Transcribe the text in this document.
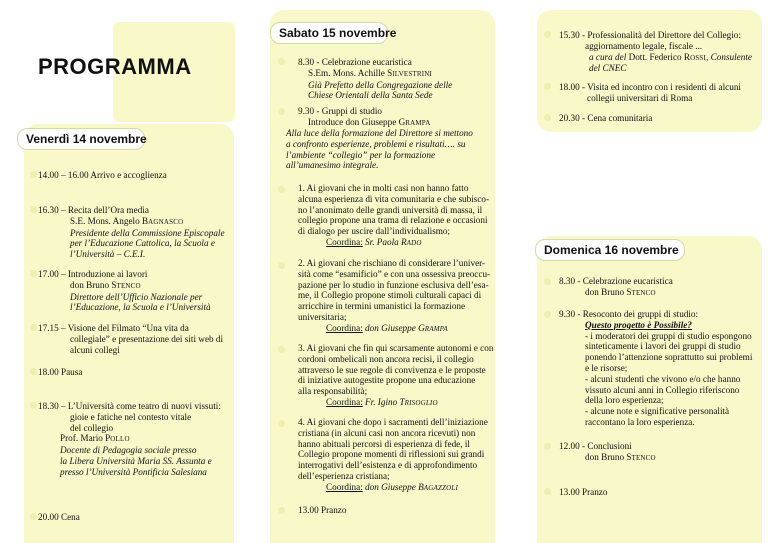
PROGRAMMA
Venerdì 14 novembre
14.00 – 16.00 Arrivo e accoglienza
16.30 – Recita dell’Ora media
S.E. Mons. Angelo BAGNASCO
Presidente della Commissione Episcopale
per l’Educazione Cattolica, la Scuola e
l’Università – C.E.I.
17.00 – Introduzione ai lavori
don Bruno STENCO
Direttore dell’Ufficio Nazionale per
l’Educazione, la Scuola e l’Università
17.15 – Visione del Filmato “Una vita da
collegiale” e presentazione dei siti web di
alcuni collegi
18.00 Pausa
18.30 – L’Università come teatro di nuovi vissuti:
gioie e fatiche nel contesto vitale
del collegio
Prof. Mario POLLO
Docente di Pedagogia sociale presso
la Libera Università Maria SS. Assunta e
presso l’Università Pontificia Salesiana
20.00 Cena
Sabato 15 novembre
8.30 - Celebrazione eucaristica
S.Em. Mons. Achille SILVESTRINI
Già Prefetto della Congregazione delle
Chiese Orientali della Santa Sede
9.30 - Gruppi di studio
Introduce don Giuseppe GRAMPA
Alla luce della formazione del Direttore si mettono
a confronto esperienze, problemi e risultati…. su
l’ambiente “collegio” per la formazione
all’umanesimo integrale.
1. Ai giovani che in molti casi non hanno fatto
alcuna esperienza di vita comunitaria e che subisco-
no l’anonimato delle grandi università di massa, il
collegio propone una trama di relazione e occasioni
di dialogo per uscire dall’individualismo;
Coordina: Sr. Paola RADO
2. Ai giovani che rischiano di considerare l’univer-
sità come “esamificio” e con una ossessiva preoccu-
pazione per lo studio in funzione esclusiva dell’esa-
me, il Collegio propone stimoli culturali capaci di
arricchire in termini umanistici la formazione
universitaria;
Coordina: don Giuseppe GRAMPA
3. Ai giovani che fin qui scarsamente autonomi e con
cordoni ombelicali non ancora recisi, il collegio
attraverso le sue regole di convivenza e le proposte
di iniziative autogestite propone una educazione
alla responsabilità;
Coordina: Fr. Igino TRISOGLIO
4. Ai giovani che dopo i sacramenti dell’iniziazione
cristiana (in alcuni casi non ancora ricevuti) non
hanno abituali percorsi di esperienza di fede, il
Collegio propone momenti di riflessioni sui grandi
interrogativi dell’esistenza e di approfondimento
dell’esperienza cristiana;
Coordina: don Giuseppe BAGAZZOLI
13.00 Pranzo
15.30 - Professionalità del Direttore del Collegio:
aggiornamento legale, fiscale ...
a cura del Dott. Federico ROSSI, Consulente
del CNEC
18.00 - Visita ed incontro con i residenti di alcuni
collegii universitari di Roma
20.30 - Cena comunitaria
Domenica 16 novembre
8.30 - Celebrazione eucaristica
don Bruno STENCO
9.30 - Resoconto dei gruppi di studio:
Questo progetto è Possibile?
- i moderatori dei gruppi di studio espongono
sinteticamente i lavori dei gruppi di studio
ponendo l’attenzione soprattutto sui problemi
e le risorse;
- alcuni studenti che vivono e/o che hanno
vissuto alcuni anni in Collegio riferiscono
della loro esperienza;
- alcune note e significative personalità
raccontano la loro esperienza.
12.00 - Conclusioni
don Bruno STENCO
13.00 Pranzo
